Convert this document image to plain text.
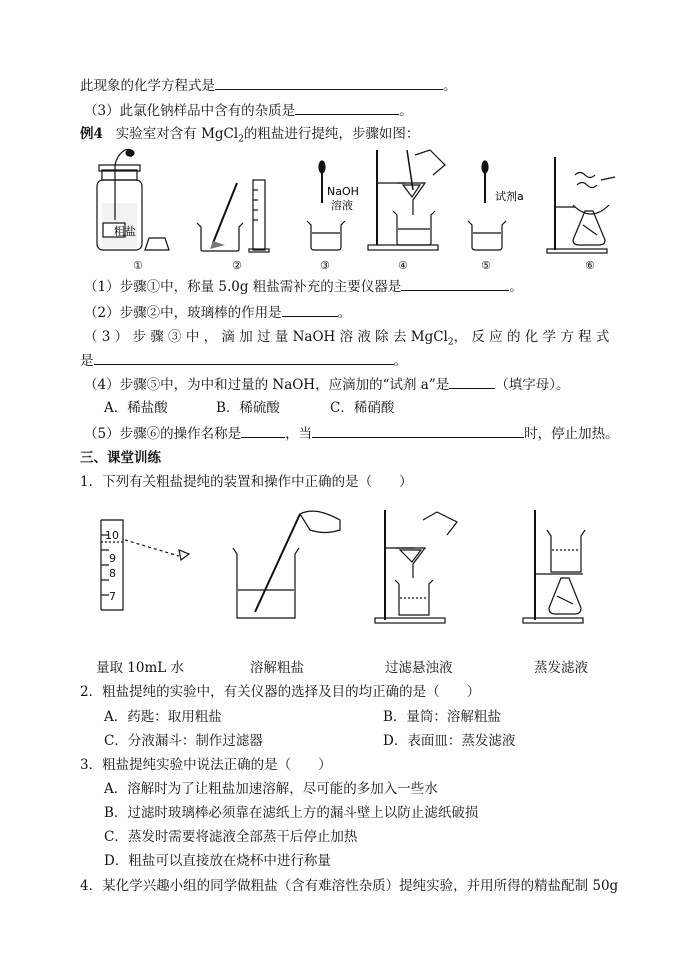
此现象的化学方程式是	。
（3）此氯化钠样品中含有的杂质是	。
例4 实验室对含有 MgCl$_2$的粗盐进行提纯，步骤如图：
粗盐
NaOH
溶液
试剂a
①	②	③	④	⑤	⑥
（1）步骤①中，称量 5.0g 粗盐需补充的主要仪器是	。
（2）步骤②中，玻璃棒的作用是	。
（ 3 ） 步 骤 ③ 中 ， 滴 加 过 量 NaOH 溶 液 除 去 MgCl$_2$， 反 应 的 化 学 方 程 式
是	。
（4）步骤⑤中，为中和过量的 NaOH，应滴加的“试剂 a”是	（填字母）。
A．稀盐酸	B．稀硫酸	C．稀硝酸
（5）步骤⑥的操作名称是	，当	时，停止加热。
三、课堂训练
1．下列有关粗盐提纯的装置和操作中正确的是（　　）
10
9
8
7
量取 10mL 水	溶解粗盐	过滤悬浊液	蒸发滤液
2．粗盐提纯的实验中，有关仪器的选择及目的均正确的是（　　）
A．药匙：取用粗盐	B．量筒：溶解粗盐
C．分液漏斗：制作过滤器	D．表面皿：蒸发滤液
3．粗盐提纯实验中说法正确的是（　　）
A．溶解时为了让粗盐加速溶解，尽可能的多加入一些水
B．过滤时玻璃棒必须靠在滤纸上方的漏斗壁上以防止滤纸破损
C．蒸发时需要将滤液全部蒸干后停止加热
D．粗盐可以直接放在烧杯中进行称量
4．某化学兴趣小组的同学做粗盐（含有难溶性杂质）提纯实验，并用所得的精盐配制 50g
